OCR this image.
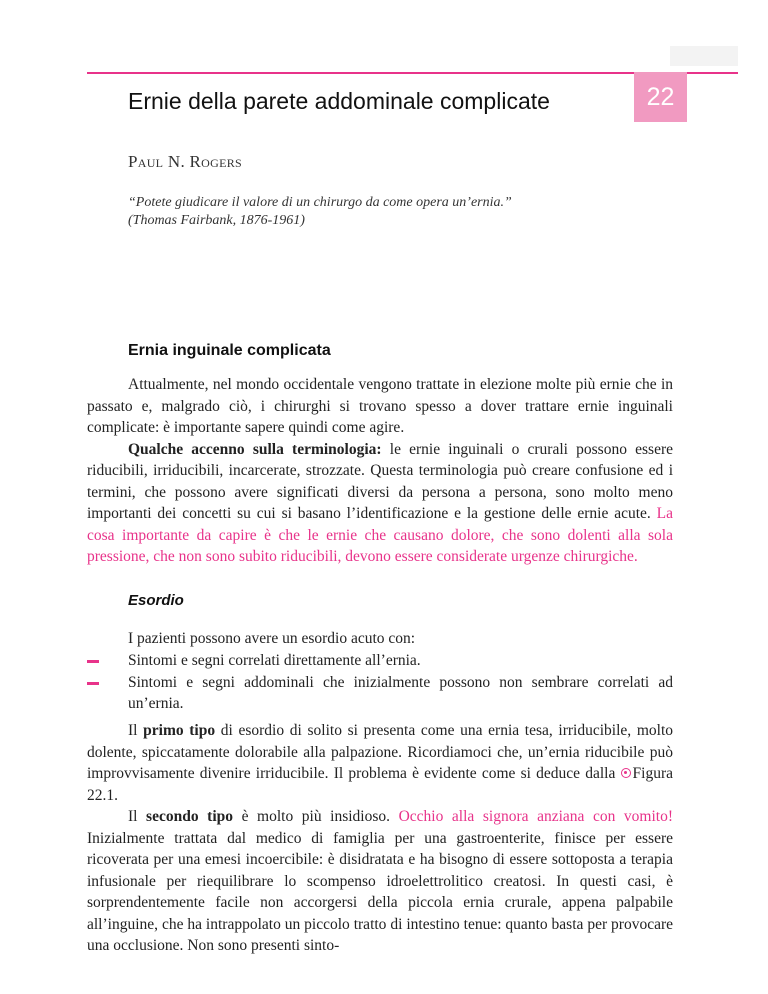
22
Ernie della parete addominale complicate
Paul N. Rogers
“Potete giudicare il valore di un chirurgo da come opera un’ernia.”
(Thomas Fairbank, 1876-1961)
Ernia inguinale complicata

Attualmente, nel mondo occidentale vengono trattate in elezione molte più ernie che in passato e, malgrado ciò, i chirurghi si trovano spesso a dover trattare ernie inguinali complicate: è importante sapere quindi come agire.

Qualche accenno sulla terminologia: le ernie inguinali o crurali possono essere riducibili, irriducibili, incarcerate, strozzate. Questa terminologia può creare confusione ed i termini, che possono avere significati diversi da persona a persona, sono molto meno importanti dei concetti su cui si basano l’identificazione e la gestione delle ernie acute. La cosa importante da capire è che le ernie che causano dolore, che sono dolenti alla sola pressione, che non sono subito riducibili, devono essere considerate urgenze chirurgiche.

Esordio
I pazienti possono avere un esordio acuto con:
Sintomi e segni correlati direttamente all’ernia.
Sintomi e segni addominali che inizialmente possono non sembrare correlati ad un’ernia.

Il primo tipo di esordio di solito si presenta come una ernia tesa, irriducibile, molto dolente, spiccatamente dolorabile alla palpazione. Ricordiamoci che, un’ernia riducibile può improvvisamente divenire irriducibile. Il problema è evidente come si deduce dalla Figura 22.1.

Il secondo tipo è molto più insidioso. Occhio alla signora anziana con vomito! Inizialmente trattata dal medico di famiglia per una gastroenterite, finisce per essere ricoverata per una emesi incoercibile: è disidratata e ha bisogno di essere sottoposta a terapia infusionale per riequilibrare lo scompenso idroelettrolitico creatosi. In questi casi, è sorprendentemente facile non accorgersi della piccola ernia crurale, appena palpabile all’inguine, che ha intrappolato un piccolo tratto di intestino tenue: quanto basta per provocare una occlusione. Non sono presenti sinto-
